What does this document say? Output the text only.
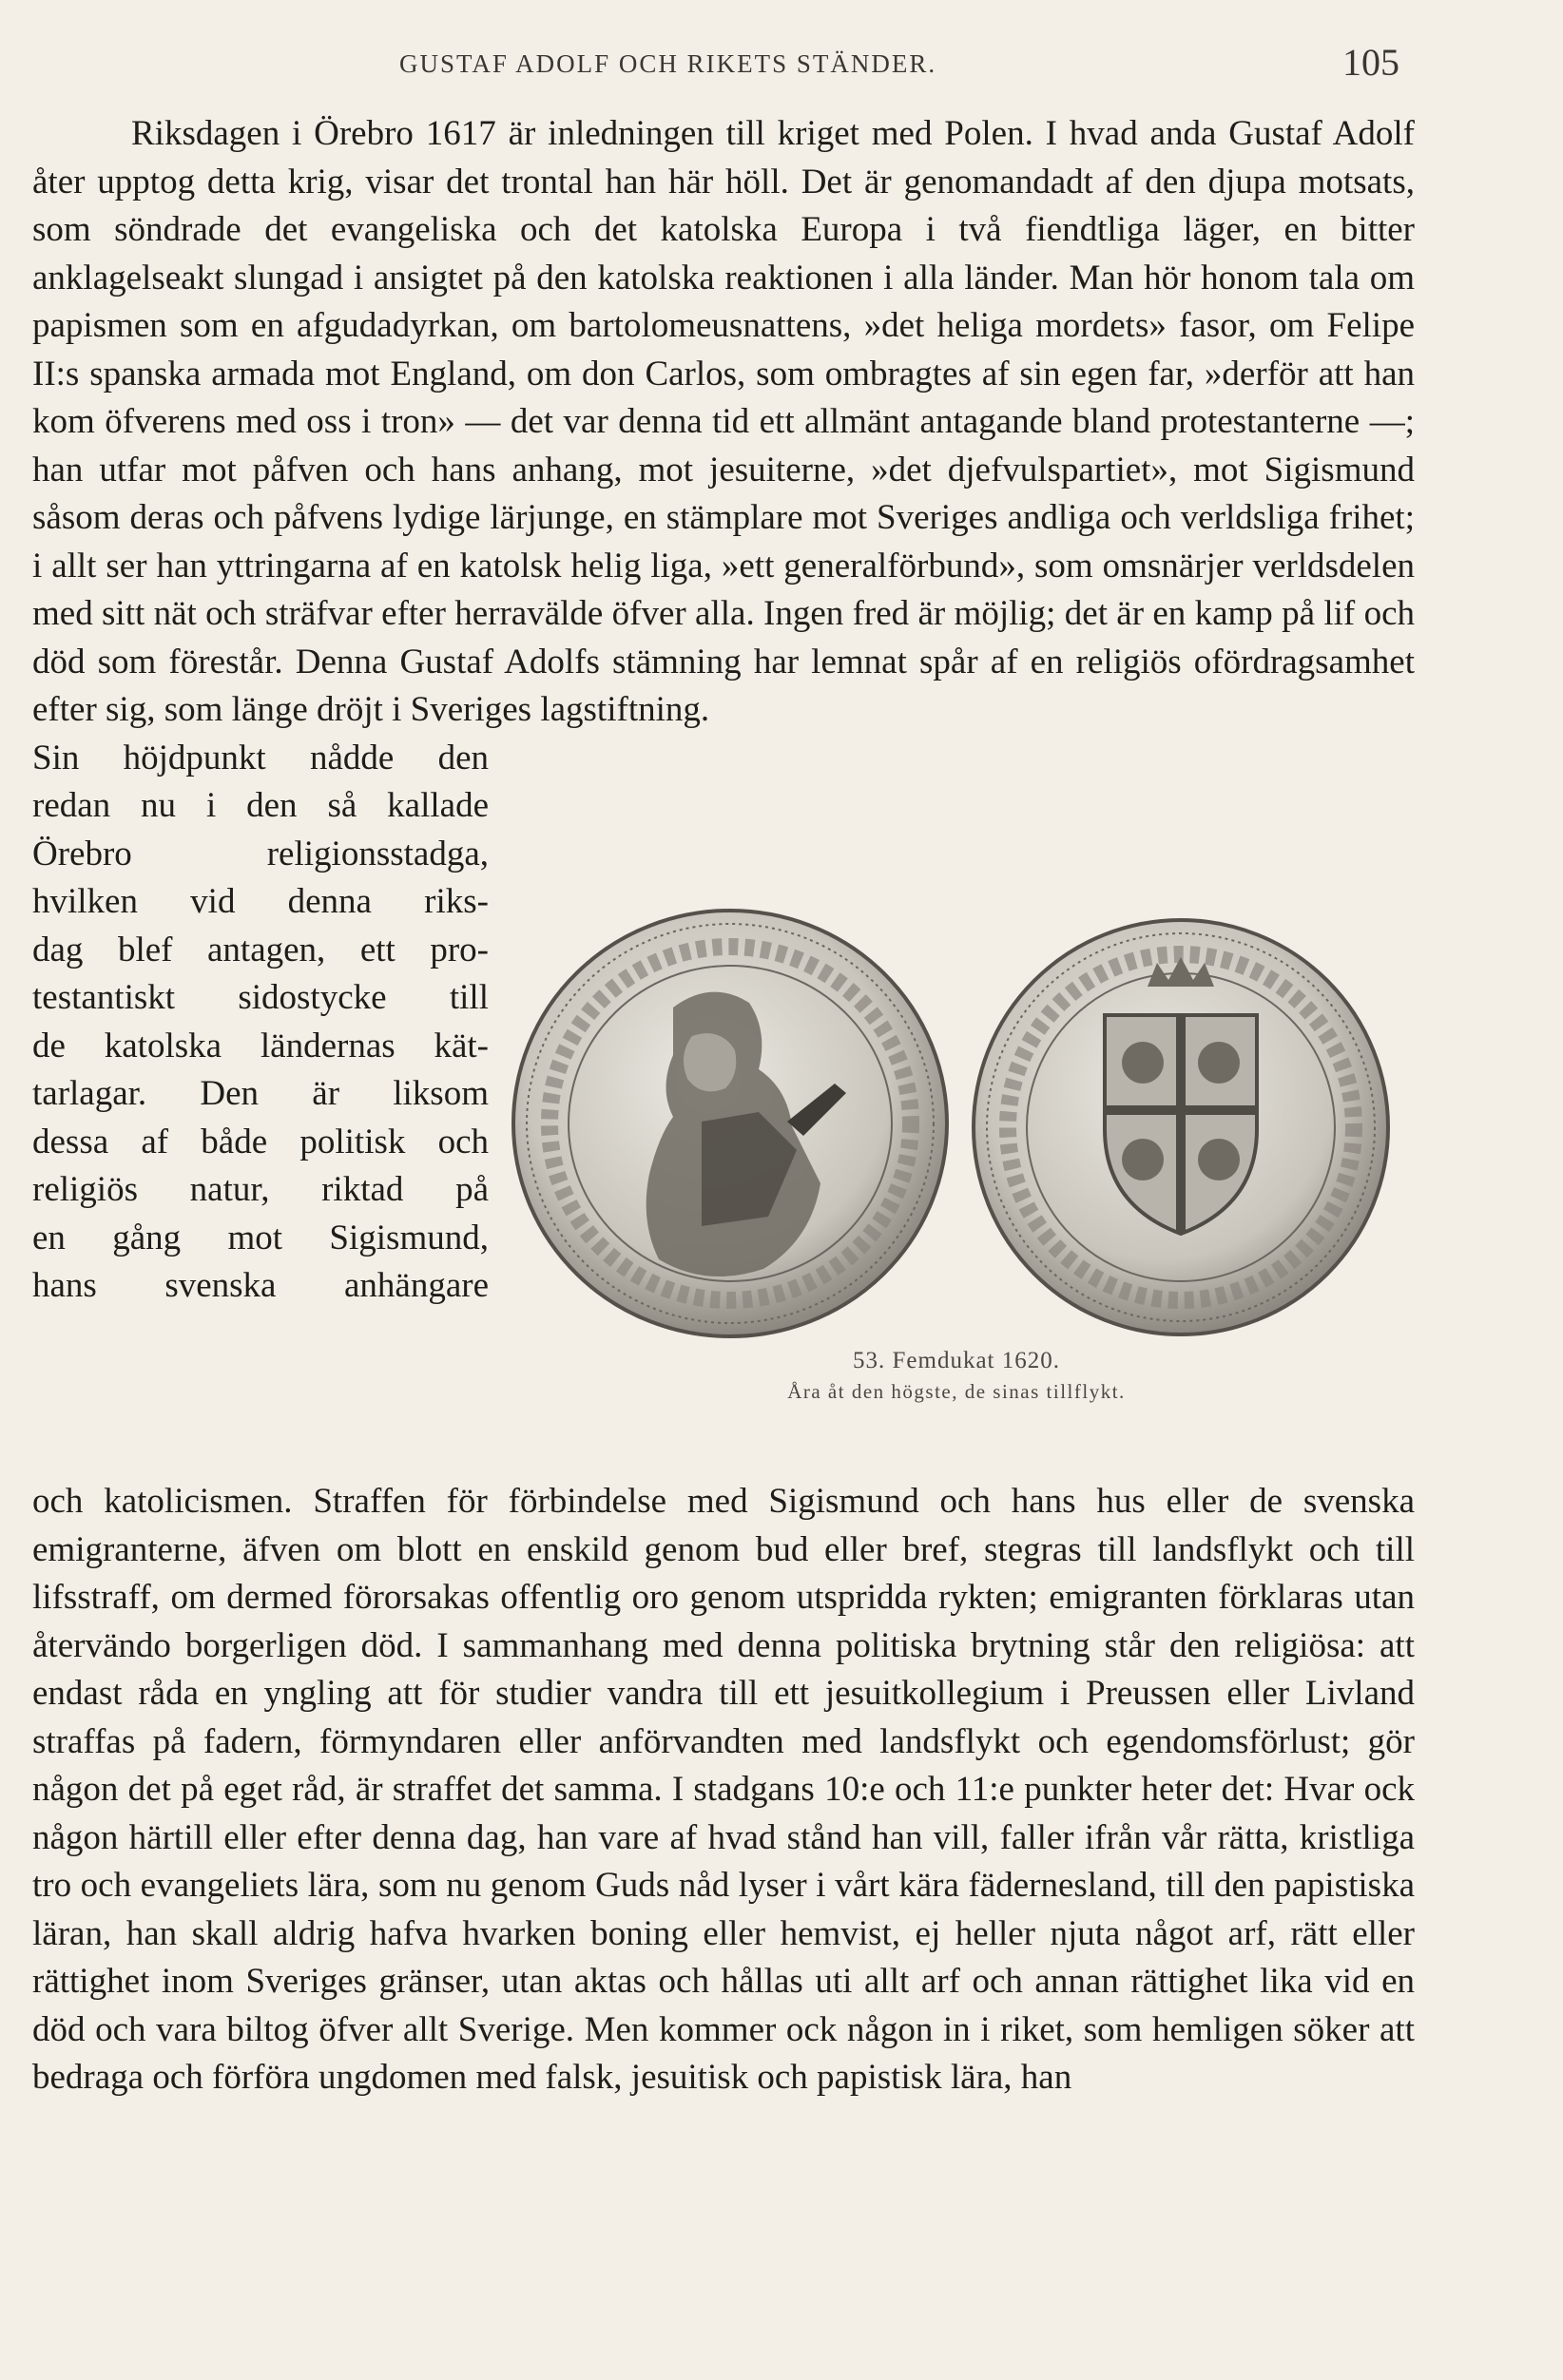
GUSTAF ADOLF OCH RIKETS STÄNDER.	105

Riksdagen i Örebro 1617 är inledningen till kriget med Polen. I hvad anda Gustaf Adolf åter upptog detta krig, visar det trontal han här höll. Det är genomandadt af den djupa motsats, som söndrade det evangeliska och det katolska Europa i två fiendtliga läger, en bitter anklagelseakt slungad i ansigtet på den katolska reaktionen i alla länder. Man hör honom tala om papismen som en afgudadyrkan, om bartolomeusnattens, »det heliga mordets» fasor, om Felipe II:s spanska armada mot England, om don Carlos, som ombragtes af sin egen far, »derför att han kom öfverens med oss i tron» — det var denna tid ett allmänt antagande bland protestanterne —; han utfar mot påfven och hans anhang, mot jesuiterne, »det djefvulspartiet», mot Sigismund såsom deras och påfvens lydige lärjunge, en stämplare mot Sveriges andliga och verldsliga frihet; i allt ser han yttringarna af en katolsk helig liga, »ett generalförbund», som omsnärjer verldsdelen med sitt nät och sträfvar efter herravälde öfver alla. Ingen fred är möjlig; det är en kamp på lif och död som förestår. Denna Gustaf Adolfs stämning har lemnat spår af en religiös ofördragsamhet efter sig, som länge dröjt i Sveriges lagstiftning.

Sin höjdpunkt nådde den
redan nu i den så kallade
Örebro religionsstadga,
hvilken vid denna riks-
dag blef antagen, ett pro-
testantiskt sidostycke till
de katolska ländernas kät-
tarlagar. Den är liksom
dessa af både politisk och
religiös natur, riktad på
en gång mot Sigismund,
hans svenska anhängare
53. Femdukat 1620.
Åra åt den högste, de sinas tillflykt.

och katolicismen. Straffen för förbindelse med Sigismund och hans hus eller de svenska emigranterne, äfven om blott en enskild genom bud eller bref, stegras till landsflykt och till lifsstraff, om dermed förorsakas offentlig oro genom utspridda rykten; emigranten förklaras utan återvändo borgerligen död. I sammanhang med denna politiska brytning står den religiösa: att endast råda en yngling att för studier vandra till ett jesuitkollegium i Preussen eller Livland straffas på fadern, förmyndaren eller anförvandten med landsflykt och egendomsförlust; gör någon det på eget råd, är straffet det samma. I stadgans 10:e och 11:e punkter heter det: Hvar ock någon härtill eller efter denna dag, han vare af hvad stånd han vill, faller ifrån vår rätta, kristliga tro och evangeliets lära, som nu genom Guds nåd lyser i vårt kära fädernesland, till den papistiska läran, han skall aldrig hafva hvarken boning eller hemvist, ej heller njuta något arf, rätt eller rättighet inom Sveriges gränser, utan aktas och hållas uti allt arf och annan rättighet lika vid en död och vara biltog öfver allt Sverige. Men kommer ock någon in i riket, som hemligen söker att bedraga och förföra ungdomen med falsk, jesuitisk och papistisk lära, han
